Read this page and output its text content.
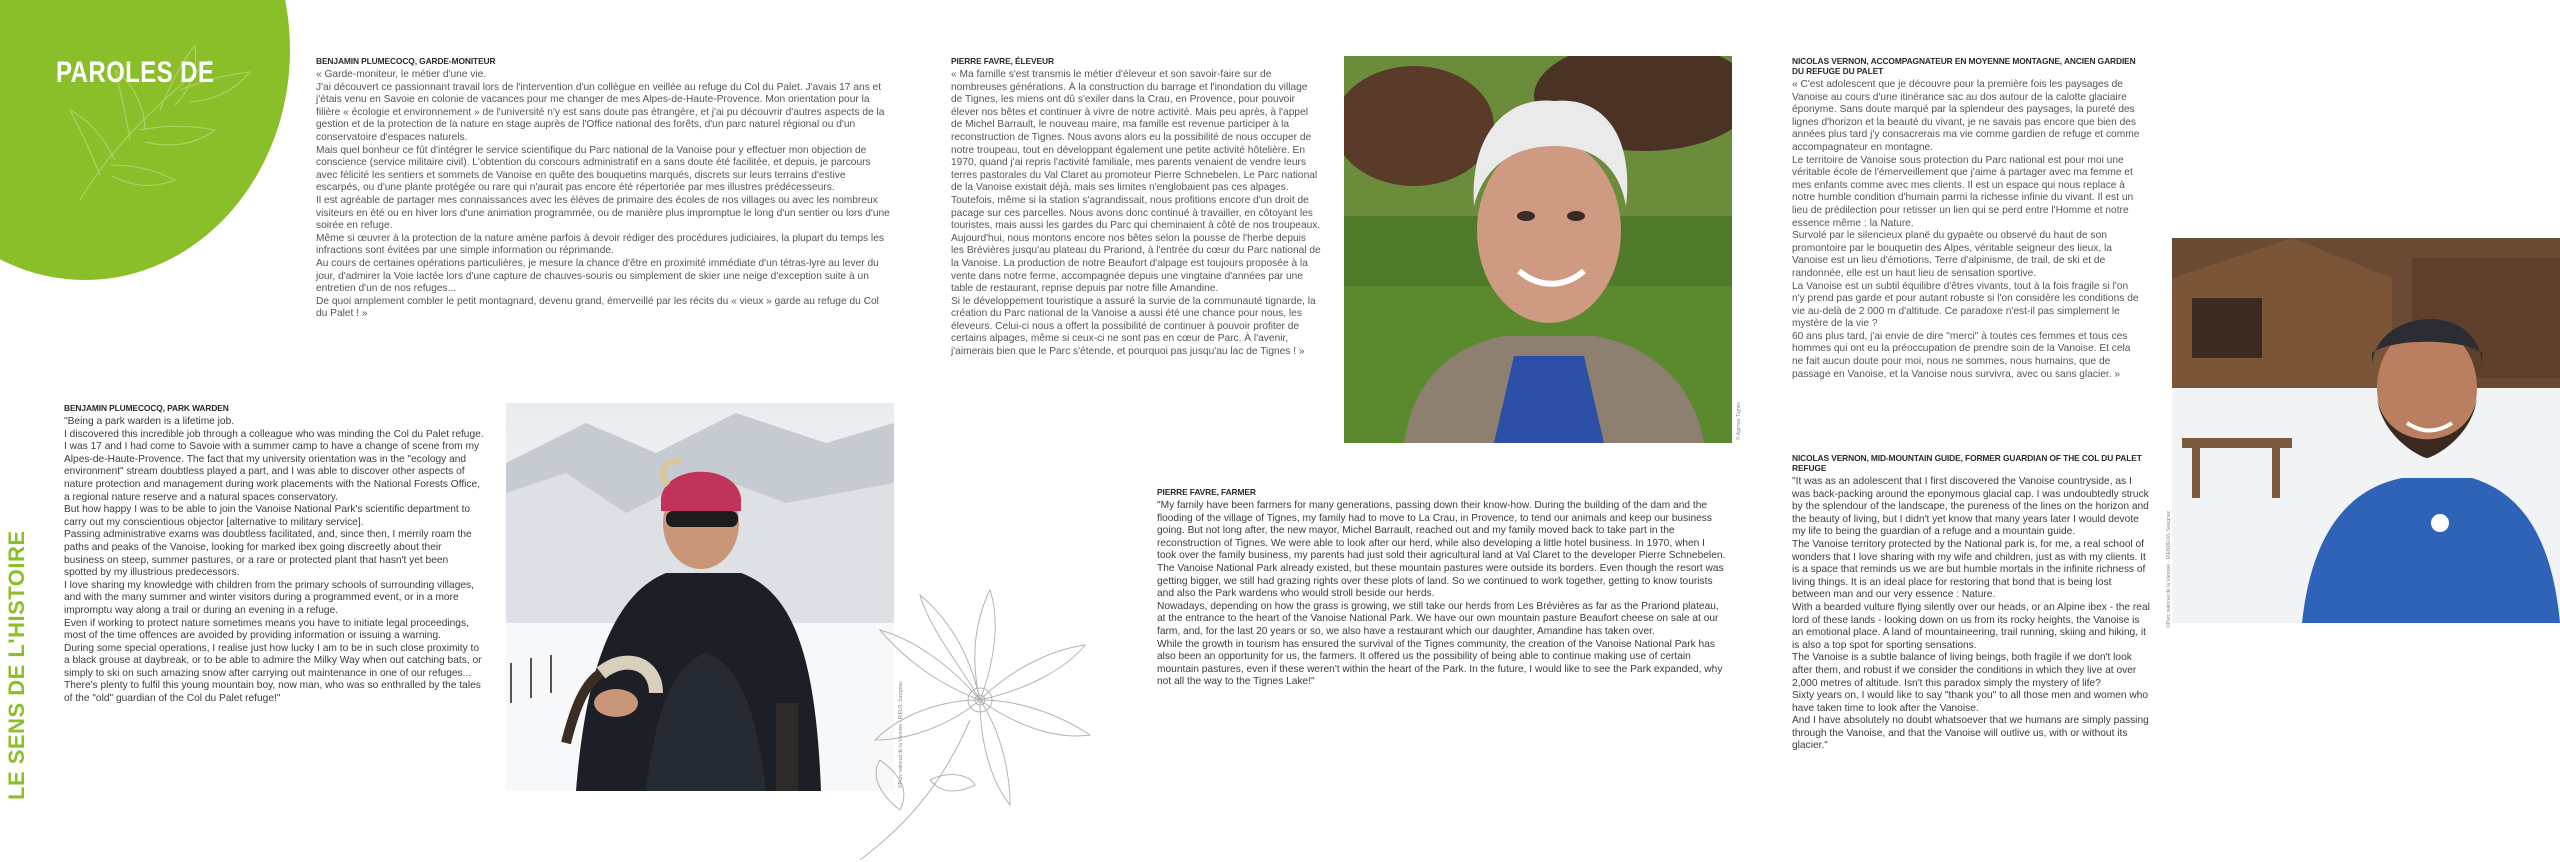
PAROLES DE
LE SENS DE L'HISTOIRE
BENJAMIN PLUMECOCQ, GARDE-MONITEUR
« Garde-moniteur, le métier d'une vie.
J'ai découvert ce passionnant travail lors de l'intervention d'un collègue en veillée au refuge du Col du Palet. J'avais 17 ans et j'étais venu en Savoie en colonie de vacances pour me changer de mes Alpes-de-Haute-Provence. Mon orientation pour la filière « écologie et environnement » de l'université n'y est sans doute pas étrangère, et j'ai pu découvrir d'autres aspects de la gestion et de la protection de la nature en stage auprès de l'Office national des forêts, d'un parc naturel régional ou d'un conservatoire d'espaces naturels.
Mais quel bonheur ce fût d'intégrer le service scientifique du Parc national de la Vanoise pour y effectuer mon objection de conscience (service militaire civil). L'obtention du concours administratif en a sans doute été facilitée, et depuis, je parcours avec félicité les sentiers et sommets de Vanoise en quête des bouquetins marqués, discrets sur leurs terrains d'estive escarpés, ou d'une plante protégée ou rare qui n'aurait pas encore été répertoriée par mes illustres prédécesseurs.
Il est agréable de partager mes connaissances avec les élèves de primaire des écoles de nos villages ou avec les nombreux visiteurs en été ou en hiver lors d'une animation programmée, ou de manière plus impromptue le long d'un sentier ou lors d'une soirée en refuge.
Même si œuvrer à la protection de la nature amène parfois à devoir rédiger des procédures judiciaires, la plupart du temps les infractions sont évitées par une simple information ou réprimande.
Au cours de certaines opérations particulières, je mesure la chance d'être en proximité immédiate d'un tétras-lyre au lever du jour, d'admirer la Voie lactée lors d'une capture de chauves-souris ou simplement de skier une neige d'exception suite à un entretien d'un de nos refuges...
De quoi amplement combler le petit montagnard, devenu grand, émerveillé par les récits du « vieux » garde au refuge du Col du Palet ! »
BENJAMIN PLUMECOCQ, PARK WARDEN
"Being a park warden is a lifetime job.
I discovered this incredible job through a colleague who was minding the Col du Palet refuge. I was 17 and I had come to Savoie with a summer camp to have a change of scene from my Alpes-de-Haute-Provence. The fact that my university orientation was in the "ecology and environment" stream doubtless played a part, and I was able to discover other aspects of nature protection and management during work placements with the National Forests Office, a regional nature reserve and a natural spaces conservatory.
But how happy I was to be able to join the Vanoise National Park's scientific department to carry out my conscientious objector [alternative to military service].
Passing administrative exams was doubtless facilitated, and, since then, I merrily roam the paths and peaks of the Vanoise, looking for marked ibex going discreetly about their business on steep, summer pastures, or a rare or protected plant that hasn't yet been spotted by my illustrious predecessors.
I love sharing my knowledge with children from the primary schools of surrounding villages, and with the many summer and winter visitors during a programmed event, or in a more impromptu way along a trail or during an evening in a refuge.
Even if working to protect nature sometimes means you have to initiate legal proceedings, most of the time offences are avoided by providing information or issuing a warning.
During some special operations, I realise just how lucky I am to be in such close proximity to a black grouse at daybreak, or to be able to admire the Milky Way when out catching bats, or simply to ski on such amazing snow after carrying out maintenance in one of our refuges...
There's plenty to fulfil this young mountain boy, now man, who was so enthralled by the tales of the "old" guardian of the Col du Palet refuge!"	©Parc national de la Vanoise - RIEU/L.Savignac
PIERRE FAVRE, ÉLEVEUR
« Ma famille s'est transmis le métier d'éleveur et son savoir-faire sur de nombreuses générations. À la construction du barrage et l'inondation du village de Tignes, les miens ont dû s'exiler dans la Crau, en Provence, pour pouvoir élever nos bêtes et continuer à vivre de notre activité. Mais peu après, à l'appel de Michel Barrault, le nouveau maire, ma famille est revenue participer à la reconstruction de Tignes. Nous avons alors eu la possibilité de nous occuper de notre troupeau, tout en développant également une petite activité hôtelière. En 1970, quand j'ai repris l'activité familiale, mes parents venaient de vendre leurs terres pastorales du Val Claret au promoteur Pierre Schnebelen. Le Parc national de la Vanoise existait déjà, mais ses limites n'englobaient pas ces alpages. Toutefois, même si la station s'agrandissait, nous profitions encore d'un droit de pacage sur ces parcelles. Nous avons donc continué à travailler, en côtoyant les touristes, mais aussi les gardes du Parc qui cheminaient à côté de nos troupeaux.
Aujourd'hui, nous montons encore nos bêtes selon la pousse de l'herbe depuis les Brévières jusqu'au plateau du Prariond, à l'entrée du cœur du Parc national de la Vanoise. La production de notre Beaufort d'alpage est toujours proposée à la vente dans notre ferme, accompagnée depuis une vingtaine d'années par une table de restaurant, reprise depuis par notre fille Amandine.
Si le développement touristique a assuré la survie de la communauté tignarde, la création du Parc national de la Vanoise a aussi été une chance pour nous, les éleveurs. Celui-ci nous a offert la possibilité de continuer à pouvoir profiter de certains alpages, même si ceux-ci ne sont pas en cœur de Parc. À l'avenir, j'aimerais bien que le Parc s'étende, et pourquoi pas jusqu'au lac de Tignes ! »
© Agence Tignes
PIERRE FAVRE, FARMER
"My family have been farmers for many generations, passing down their know-how. During the building of the dam and the flooding of the village of Tignes, my family had to move to La Crau, in Provence, to tend our animals and keep our business going. But not long after, the new mayor, Michel Barrault, reached out and my family moved back to take part in the reconstruction of Tignes. We were able to look after our herd, while also developing a little hotel business. In 1970, when I took over the family business, my parents had just sold their agricultural land at Val Claret to the developer Pierre Schnebelen. The Vanoise National Park already existed, but these mountain pastures were outside its borders. Even though the resort was getting bigger, we still had grazing rights over these plots of land. So we continued to work together, getting to know tourists and also the Park wardens who would stroll beside our herds.
Nowadays, depending on how the grass is growing, we still take our herds from Les Brévières as far as the Prariond plateau, at the entrance to the heart of the Vanoise National Park. We have our own mountain pasture Beaufort cheese on sale at our farm, and, for the last 20 years or so, we also have a restaurant which our daughter, Amandine has taken over.
While the growth in tourism has ensured the survival of the Tignes community, the creation of the Vanoise National Park has also been an opportunity for us, the farmers. It offered us the possibility of being able to continue making use of certain mountain pastures, even if these weren't within the heart of the Park. In the future, I would like to see the Park expanded, why not all the way to the Tignes Lake!"
NICOLAS VERNON, ACCOMPAGNATEUR EN MOYENNE MONTAGNE, ANCIEN GARDIEN DU REFUGE DU PALET
« C'est adolescent que je découvre pour la première fois les paysages de Vanoise au cours d'une itinérance sac au dos autour de la calotte glaciaire éponyme. Sans doute marqué par la splendeur des paysages, la pureté des lignes d'horizon et la beauté du vivant, je ne savais pas encore que bien des années plus tard j'y consacrerais ma vie comme gardien de refuge et comme accompagnateur en montagne.
Le territoire de Vanoise sous protection du Parc national est pour moi une véritable école de l'émerveillement que j'aime à partager avec ma femme et mes enfants comme avec mes clients. Il est un espace qui nous replace à notre humble condition d'humain parmi la richesse infinie du vivant. Il est un lieu de prédilection pour retisser un lien qui se perd entre l'Homme et notre essence même : la Nature.
Survolé par le silencieux planë du gypaète ou observé du haut de son promontoire par le bouquetin des Alpes, véritable seigneur des lieux, la Vanoise est un lieu d'émotions. Terre d'alpinisme, de trail, de ski et de randonnée, elle est un haut lieu de sensation sportive.
La Vanoise est un subtil équilibre d'êtres vivants, tout à la fois fragile si l'on n'y prend pas garde et pour autant robuste si l'on considère les conditions de vie au-delà de 2 000 m d'altitude. Ce paradoxe n'est-il pas simplement le mystère de la vie ?
60 ans plus tard, j'ai envie de dire "merci" à toutes ces femmes et tous ces hommes qui ont eu la préoccupation de prendre soin de la Vanoise. Et cela ne fait aucun doute pour moi, nous ne sommes, nous humains, que de passage en Vanoise, et la Vanoise nous survivra, avec ou sans glacier. »
©Parc national de la Vanoise - RIENDEU/L.Savignac
NICOLAS VERNON, MID-MOUNTAIN GUIDE, FORMER GUARDIAN OF THE COL DU PALET REFUGE
"It was as an adolescent that I first discovered the Vanoise countryside, as I was back-packing around the eponymous glacial cap. I was undoubtedly struck by the splendour of the landscape, the pureness of the lines on the horizon and the beauty of living, but I didn't yet know that many years later I would devote my life to being the guardian of a refuge and a mountain guide.
The Vanoise territory protected by the National park is, for me, a real school of wonders that I love sharing with my wife and children, just as with my clients. It is a space that reminds us we are but humble mortals in the infinite richness of living things. It is an ideal place for restoring that bond that is being lost between man and our very essence : Nature.
With a bearded vulture flying silently over our heads, or an Alpine ibex - the real lord of these lands - looking down on us from its rocky heights, the Vanoise is an emotional place. A land of mountaineering, trail running, skiing and hiking, it is also a top spot for sporting sensations.
The Vanoise is a subtle balance of living beings, both fragile if we don't look after them, and robust if we consider the conditions in which they live at over 2,000 metres of altitude. Isn't this paradox simply the mystery of life?
Sixty years on, I would like to say "thank you" to all those men and women who have taken time to look after the Vanoise.
And I have absolutely no doubt whatsoever that we humans are simply passing through the Vanoise, and that the Vanoise will outlive us, with or without its glacier."
